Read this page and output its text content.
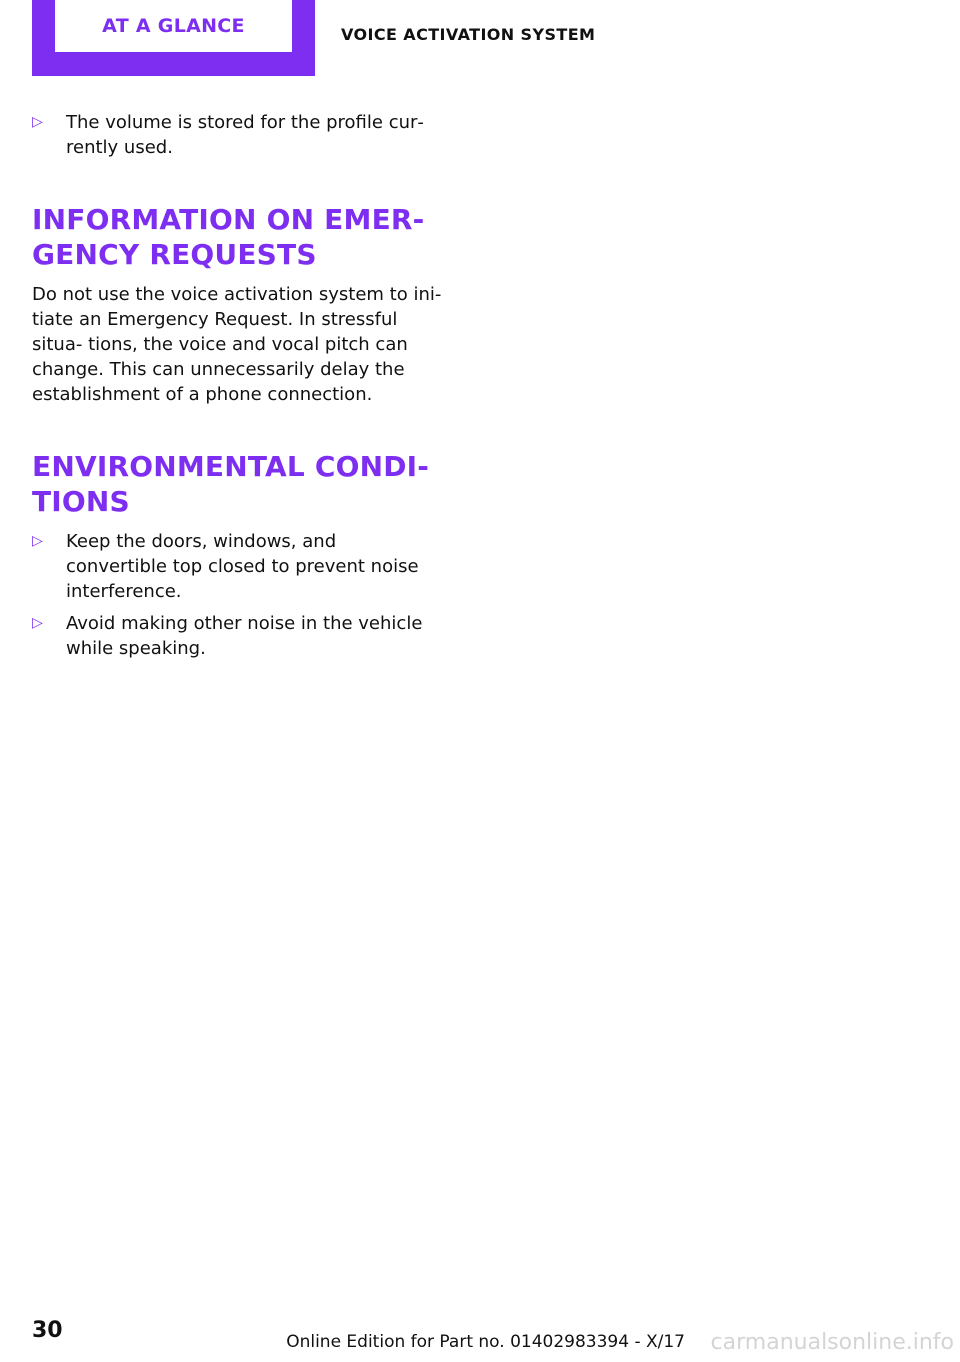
AT A GLANCE	VOICE ACTIVATION SYSTEM
▷ The volume is stored for the profile cur‐ rently used.
INFORMATION ON EMER‐ GENCY REQUESTS

Do not use the voice activation system to ini‐ tiate an Emergency Request. In stressful situa‐ tions, the voice and vocal pitch can change. This can unnecessarily delay the establishment of a phone connection.

ENVIRONMENTAL CONDI‐ TIONS
▷ Keep the doors, windows, and convertible top closed to prevent noise interference.
▷ Avoid making other noise in the vehicle while speaking.
30	Online Edition for Part no. 01402983394 - X/17 carmanualsonline.info
